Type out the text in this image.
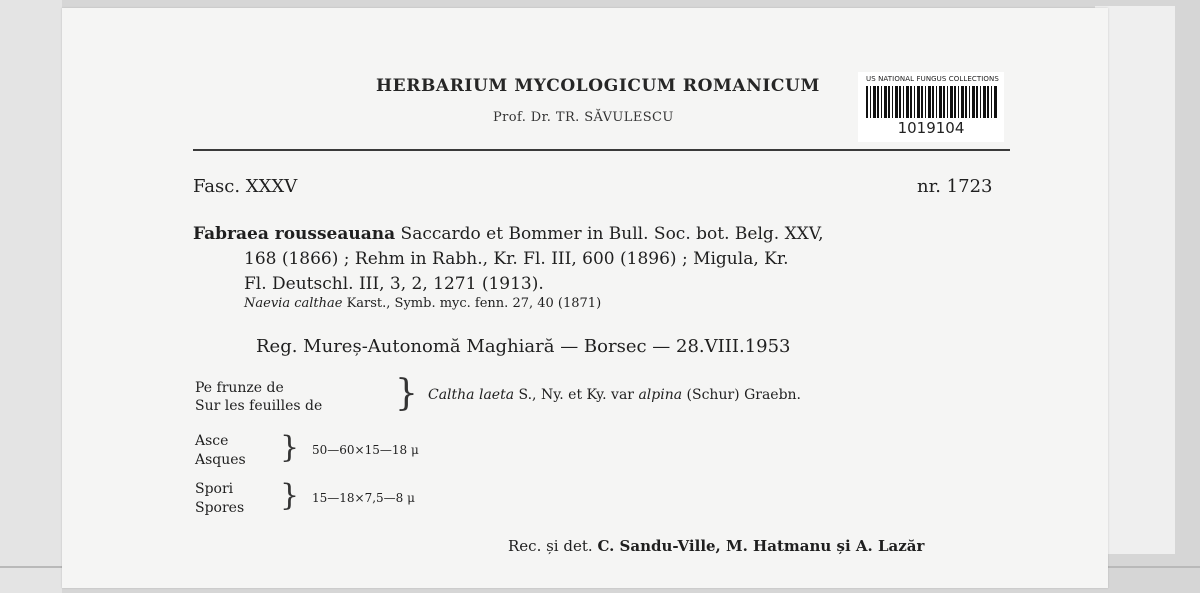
HERBARIUM MYCOLOGICUM ROMANICUM
Prof. Dr. TR. SĂVULESCU
US NATIONAL FUNGUS COLLECTIONS
1019104
Fasc. XXXV	nr. 1723
Fabraea rousseauana Saccardo et Bommer in Bull. Soc. bot. Belg. XXV,
168 (1866) ; Rehm in Rabh., Kr. Fl. III, 600 (1896) ; Migula, Kr.
Fl. Deutschl. III, 3, 2, 1271 (1913).
Naevia calthae Karst., Symb. myc. fenn. 27, 40 (1871)
Reg. Mureș-Autonomă Maghiară — Borsec — 28.VIII.1953
Pe frunze de
Sur les feuilles de } Caltha laeta S., Ny. et Ky. var alpina (Schur) Graebn.
Asce
Asques } 50—60×15—18 μ
Spori
Spores } 15—18×7,5—8 μ
Rec. și det. C. Sandu-Ville, M. Hatmanu și A. Lazăr
